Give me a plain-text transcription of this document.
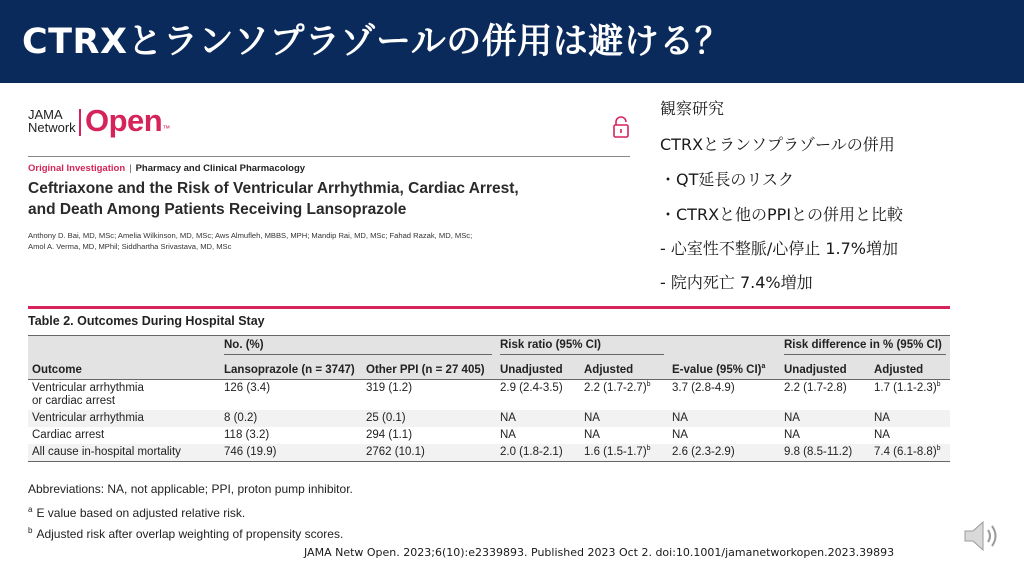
CTRXとランソプラゾールの併用は避ける？
JAMA
Network Open™
Original Investigation | Pharmacy and Clinical Pharmacology
Ceftriaxone and the Risk of Ventricular Arrhythmia, Cardiac Arrest,
and Death Among Patients Receiving Lansoprazole
Anthony D. Bai, MD, MSc; Amelia Wilkinson, MD, MSc; Aws Almufleh, MBBS, MPH; Mandip Rai, MD, MSc; Fahad Razak, MD, MSc;
Amol A. Verma, MD, MPhil; Siddhartha Srivastava, MD, MSc
観察研究
CTRXとランソプラゾールの併用
・QT延長のリスク
・CTRXと他のPPIとの併用と比較
- 心室性不整脈/心停止 1.7%増加
- 院内死亡 7.4%増加
Table 2. Outcomes During Hospital Stay

	No. (%)		Risk ratio (95% CI)			Risk difference in % (95% CI)	

Outcome	Lansoprazole (n = 3747)	Other PPI (n = 27 405)	Unadjusted	Adjusted	E-value (95% CI)$^a$	Unadjusted	Adjusted

Ventricular arrhythmia
or cardiac arrest	126 (3.4)	319 (1.2)	2.9 (2.4-3.5)	2.2 $(1.7-2.7)^b$	3.7 (2.8-4.9)	2.2 (1.7-2.8)	1.7 $(1.1-2.3)^b$
Ventricular arrhythmia	8 (0.2)	25 (0.1)	NA	NA	NA	NA	NA
Cardiac arrest	118 (3.2)	294 (1.1)	NA	NA	NA	NA	NA
All cause in-hospital mortality	746 (19.9)	2762 (10.1)	2.0 (1.8-2.1)	1.6 $(1.5-1.7)^b$	2.6 (2.3-2.9)	9.8 (8.5-11.2)	7.4 $(6.1-8.8)^b$
Abbreviations: NA, not applicable; PPI, proton pump inhibitor.
$^a$ E value based on adjusted relative risk.
$^b$ Adjusted risk after overlap weighting of propensity scores.
JAMA Netw Open. 2023;6(10):e2339893. Published 2023 Oct 2. doi:10.1001/jamanetworkopen.2023.39893
